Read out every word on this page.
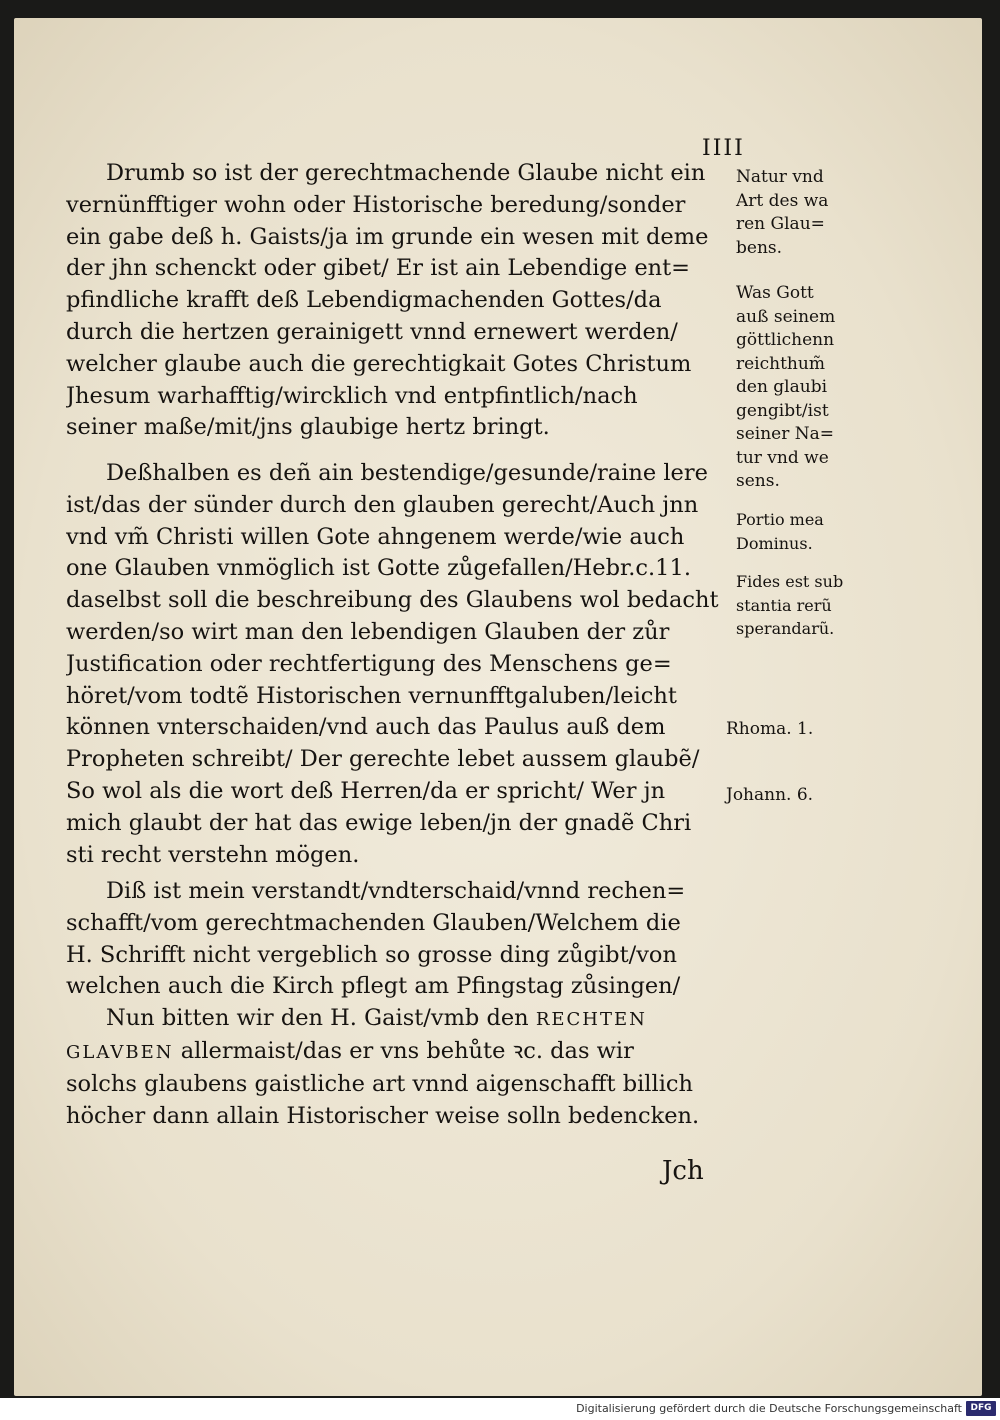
IIII
Drumb so ist der gerechtmachende Glaube nicht ein
vernünfftiger wohn oder Historische beredung/sonder
ein gabe deß h. Gaists/ja im grunde ein wesen mit deme
der jhn schenckt oder gibet/ Er ist ain Lebendige ent=
pfindliche krafft deß Lebendigmachenden Gottes/da
durch die hertzen gerainigett vnnd ernewert werden/
welcher glaube auch die gerechtigkait Gotes Christum
Jhesum warhafftig/wircklich vnd entpfintlich/nach
seiner maße/mit/jns glaubige hertz bringt.
Deßhalben es deñ ain bestendige/gesunde/raine lere
ist/das der sünder durch den glauben gerecht/Auch jnn
vnd vm̃ Christi willen Gote ahngenem werde/wie auch
one Glauben vnmöglich ist Gotte zůgefallen/Hebr.c.11.
daselbst soll die beschreibung des Glaubens wol bedacht
werden/so wirt man den lebendigen Glauben der zůr
Justification oder rechtfertigung des Menschens ge=
höret/vom todtẽ Historischen vernunfftgaluben/leicht
können vnterschaiden/vnd auch das Paulus auß dem
Propheten schreibt/ Der gerechte lebet aussem glaubẽ/
So wol als die wort deß Herren/da er spricht/ Wer jn
mich glaubt der hat das ewige leben/jn der gnadẽ Chri
sti recht verstehn mögen.
Diß ist mein verstandt/vndterschaid/vnnd rechen=
schafft/vom gerechtmachenden Glauben/Welchem die
H. Schrifft nicht vergeblich so grosse ding zůgibt/von
welchen auch die Kirch pflegt am Pfingstag zůsingen/
Nun bitten wir den H. Gaist/vmb den RECHTEN
GLAVBEN allermaist/das er vns behůte ꝛc. das wir
solchs glaubens gaistliche art vnnd aigenschafft billich
höcher dann allain Historischer weise solln bedencken.
Natur vnd
Art des wa
ren Glau=
bens.
Was Gott
auß seinem
göttlichenn
reichthum̃
den glaubi
gengibt/ist
seiner Na=
tur vnd we
sens.
Portio mea
Dominus.
Fides est sub
stantia rerũ
sperandarũ.
Rhoma. 1.
Johann. 6.
Jch
Digitalisierung gefördert durch die Deutsche Forschungsgemeinschaft DFG
